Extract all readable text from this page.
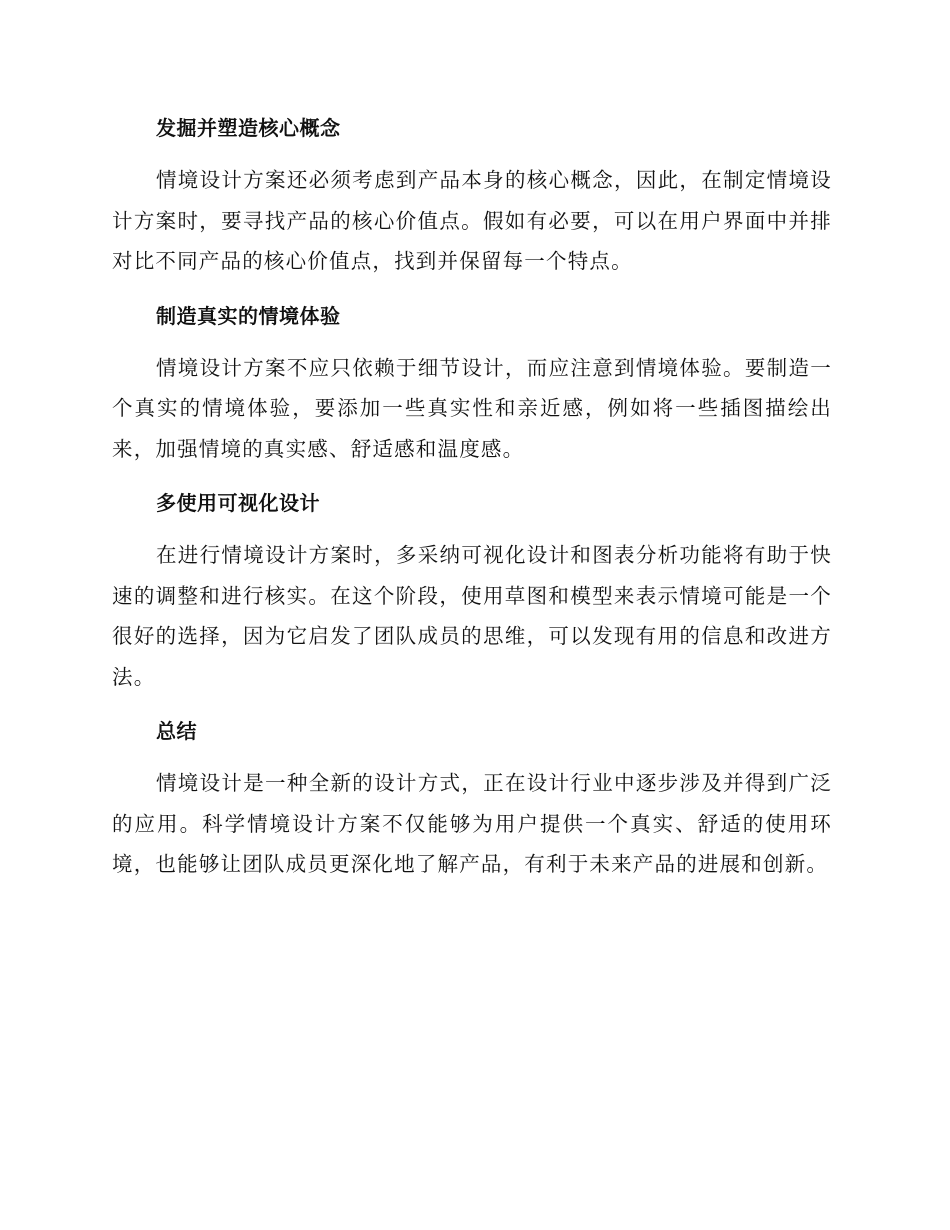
发掘并塑造核心概念

情境设计方案还必须考虑到产品本身的核心概念，因此，在制定情境设计方案时，要寻找产品的核心价值点。假如有必要，可以在用户界面中并排对比不同产品的核心价值点，找到并保留每一个特点。

制造真实的情境体验

情境设计方案不应只依赖于细节设计，而应注意到情境体验。要制造一个真实的情境体验，要添加一些真实性和亲近感，例如将一些插图描绘出来，加强情境的真实感、舒适感和温度感。

多使用可视化设计

在进行情境设计方案时，多采纳可视化设计和图表分析功能将有助于快速的调整和进行核实。在这个阶段，使用草图和模型来表示情境可能是一个很好的选择，因为它启发了团队成员的思维，可以发现有用的信息和改进方法。

总结

情境设计是一种全新的设计方式，正在设计行业中逐步涉及并得到广泛的应用。科学情境设计方案不仅能够为用户提供一个真实、舒适的使用环境，也能够让团队成员更深化地了解产品，有利于未来产品的进展和创新。
